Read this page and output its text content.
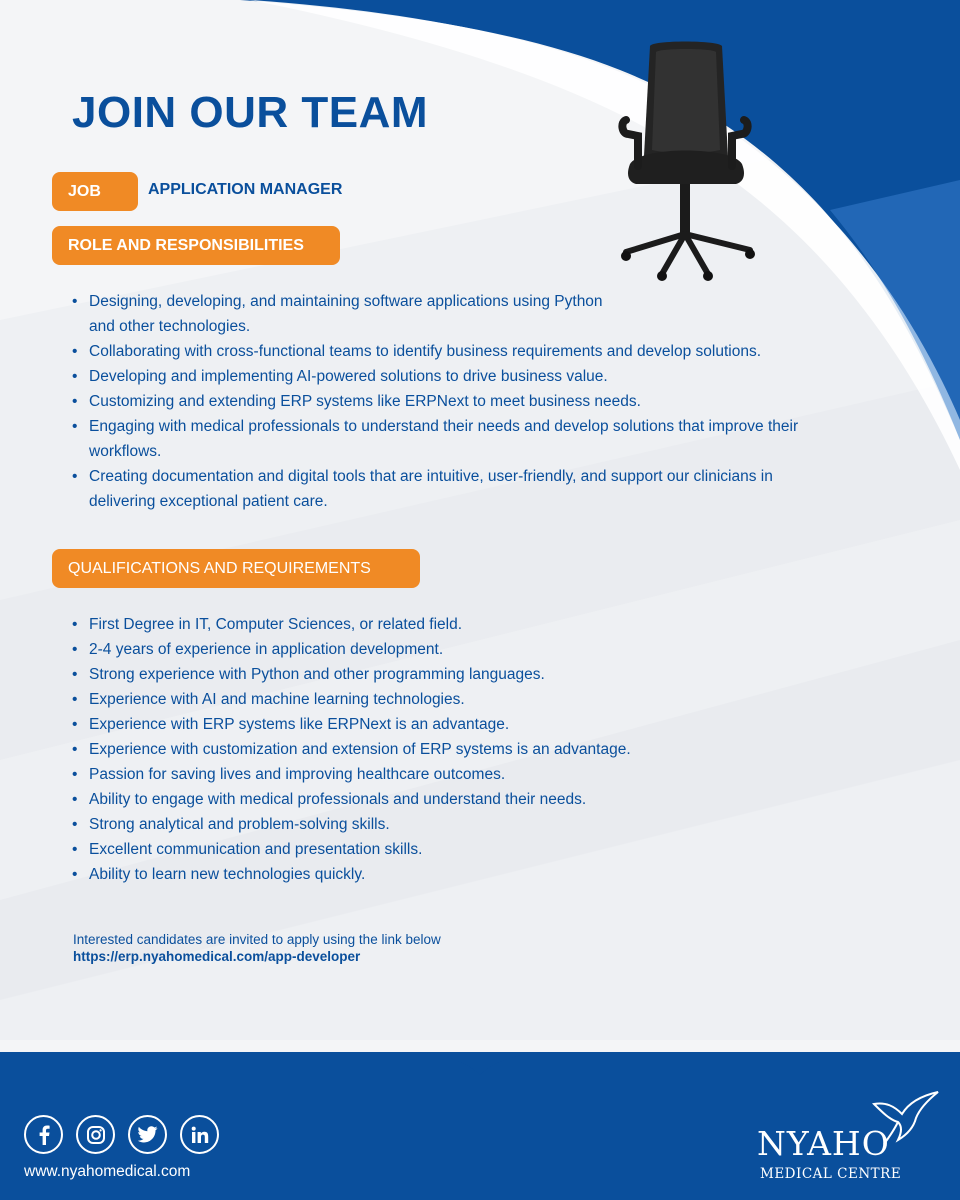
JOIN OUR TEAM
JOB	APPLICATION MANAGER
ROLE AND RESPONSIBILITIES
• Designing, developing, and maintaining software applications using Python
and other technologies.
• Collaborating with cross-functional teams to identify business requirements and develop solutions.
• Developing and implementing AI-powered solutions to drive business value.
• Customizing and extending ERP systems like ERPNext to meet business needs.
• Engaging with medical professionals to understand their needs and develop solutions that improve their
workflows.
• Creating documentation and digital tools that are intuitive, user-friendly, and support our clinicians in
delivering exceptional patient care.
QUALIFICATIONS AND REQUIREMENTS
• First Degree in IT, Computer Sciences, or related field.
• 2-4 years of experience in application development.
• Strong experience with Python and other programming languages.
• Experience with AI and machine learning technologies.
• Experience with ERP systems like ERPNext is an advantage.
• Experience with customization and extension of ERP systems is an advantage.
• Passion for saving lives and improving healthcare outcomes.
• Ability to engage with medical professionals and understand their needs.
• Strong analytical and problem-solving skills.
• Excellent communication and presentation skills.
• Ability to learn new technologies quickly.
Interested candidates are invited to apply using the link below
https://erp.nyahomedical.com/app-developer
www.nyahomedical.com
NYAHO
MEDICAL CENTRE
